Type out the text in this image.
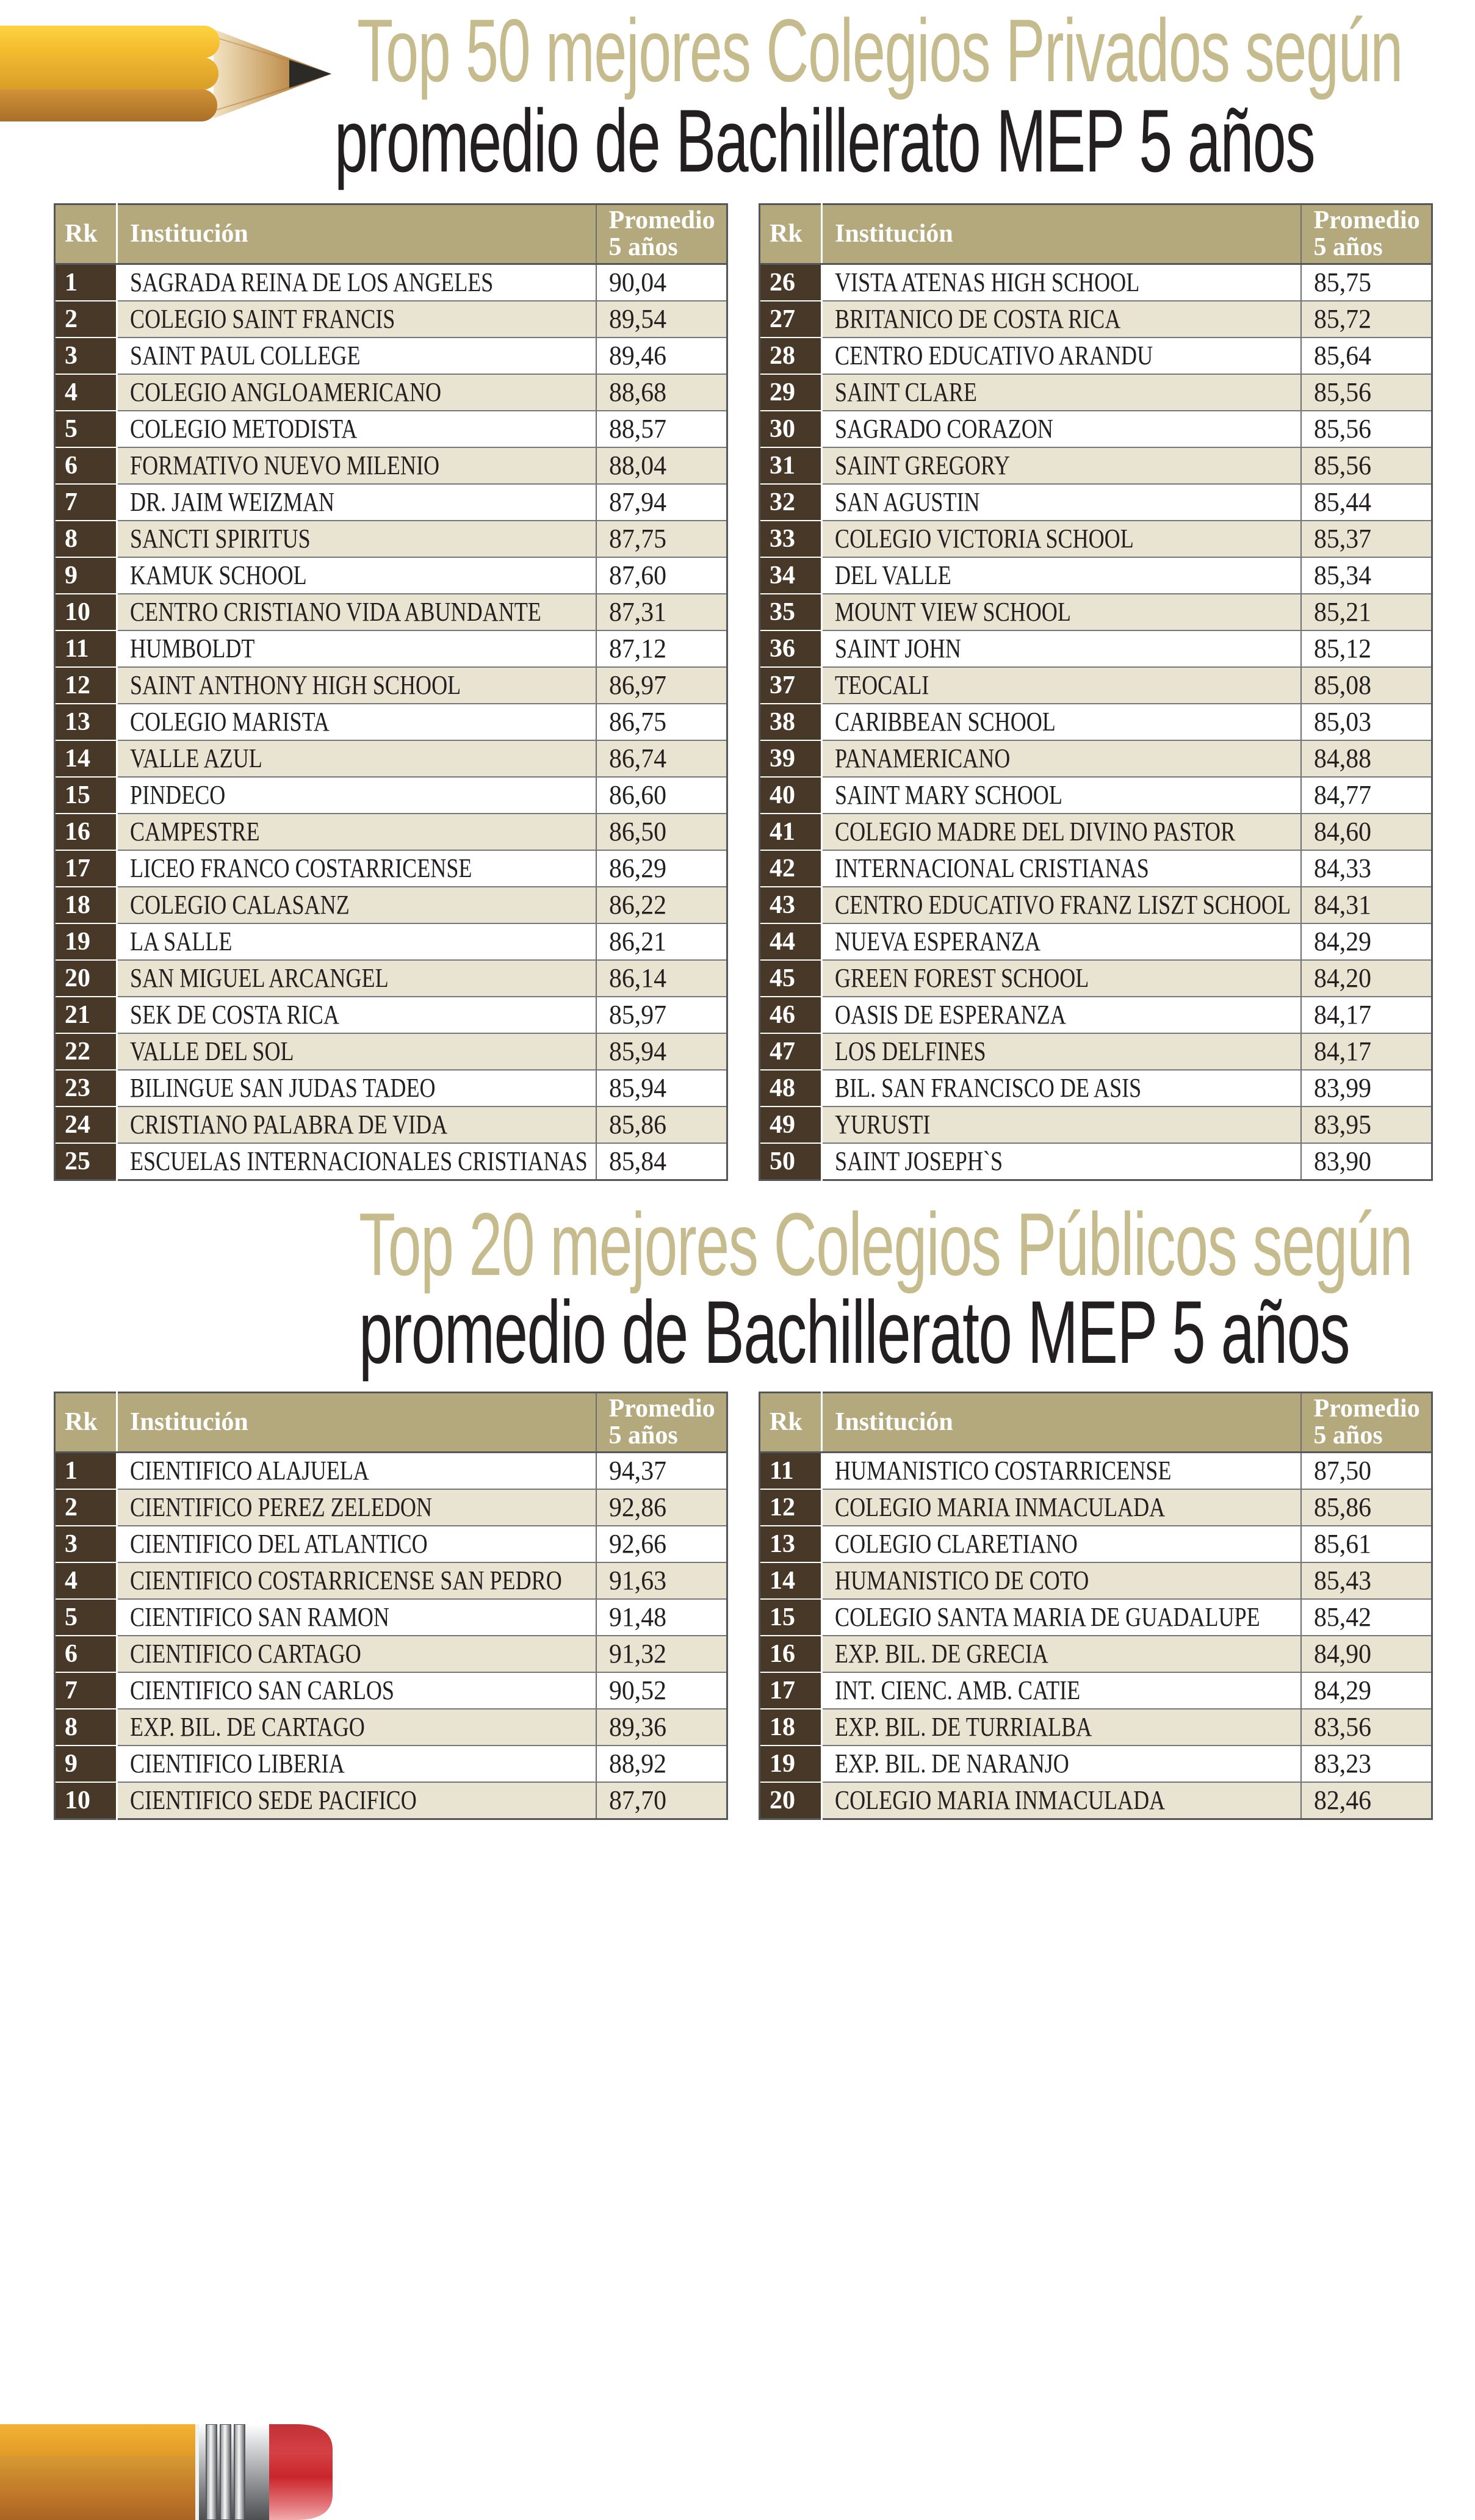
Top 50 mejores Colegios Privados según
promedio de Bachillerato MEP 5 años
Rk	Institución	Promedio
5 años

1	SAGRADA REINA DE LOS ANGELES	90,04
2	COLEGIO SAINT FRANCIS	89,54
3	SAINT PAUL COLLEGE	89,46
4	COLEGIO ANGLOAMERICANO	88,68
5	COLEGIO METODISTA	88,57
6	FORMATIVO NUEVO MILENIO	88,04
7	DR. JAIM WEIZMAN	87,94
8	SANCTI SPIRITUS	87,75
9	KAMUK SCHOOL	87,60
10	CENTRO CRISTIANO VIDA ABUNDANTE	87,31
11	HUMBOLDT	87,12
12	SAINT ANTHONY HIGH SCHOOL	86,97
13	COLEGIO MARISTA	86,75
14	VALLE AZUL	86,74
15	PINDECO	86,60
16	CAMPESTRE	86,50
17	LICEO FRANCO COSTARRICENSE	86,29
18	COLEGIO CALASANZ	86,22
19	LA SALLE	86,21
20	SAN MIGUEL ARCANGEL	86,14
21	SEK DE COSTA RICA	85,97
22	VALLE DEL SOL	85,94
23	BILINGUE SAN JUDAS TADEO	85,94
24	CRISTIANO PALABRA DE VIDA	85,86
25	ESCUELAS INTERNACIONALES CRISTIANAS	85,84
Rk	Institución	Promedio
5 años

26	VISTA ATENAS HIGH SCHOOL	85,75
27	BRITANICO DE COSTA RICA	85,72
28	CENTRO EDUCATIVO ARANDU	85,64
29	SAINT CLARE	85,56
30	SAGRADO CORAZON	85,56
31	SAINT GREGORY	85,56
32	SAN AGUSTIN	85,44
33	COLEGIO VICTORIA SCHOOL	85,37
34	DEL VALLE	85,34
35	MOUNT VIEW SCHOOL	85,21
36	SAINT JOHN	85,12
37	TEOCALI	85,08
38	CARIBBEAN SCHOOL	85,03
39	PANAMERICANO	84,88
40	SAINT MARY SCHOOL	84,77
41	COLEGIO MADRE DEL DIVINO PASTOR	84,60
42	INTERNACIONAL CRISTIANAS	84,33
43	CENTRO EDUCATIVO FRANZ LISZT SCHOOL	84,31
44	NUEVA ESPERANZA	84,29
45	GREEN FOREST SCHOOL	84,20
46	OASIS DE ESPERANZA	84,17
47	LOS DELFINES	84,17
48	BIL. SAN FRANCISCO DE ASIS	83,99
49	YURUSTI	83,95
50	SAINT JOSEPH`S	83,90
Top 20 mejores Colegios Públicos según
promedio de Bachillerato MEP 5 años
Rk	Institución	Promedio
5 años

1	CIENTIFICO ALAJUELA	94,37
2	CIENTIFICO PEREZ ZELEDON	92,86
3	CIENTIFICO DEL ATLANTICO	92,66
4	CIENTIFICO COSTARRICENSE SAN PEDRO	91,63
5	CIENTIFICO SAN RAMON	91,48
6	CIENTIFICO CARTAGO	91,32
7	CIENTIFICO SAN CARLOS	90,52
8	EXP. BIL. DE CARTAGO	89,36
9	CIENTIFICO LIBERIA	88,92
10	CIENTIFICO SEDE PACIFICO	87,70
Rk	Institución	Promedio
5 años

11	HUMANISTICO COSTARRICENSE	87,50
12	COLEGIO MARIA INMACULADA	85,86
13	COLEGIO CLARETIANO	85,61
14	HUMANISTICO DE COTO	85,43
15	COLEGIO SANTA MARIA DE GUADALUPE	85,42
16	EXP. BIL. DE GRECIA	84,90
17	INT. CIENC. AMB. CATIE	84,29
18	EXP. BIL. DE TURRIALBA	83,56
19	EXP. BIL. DE NARANJO	83,23
20	COLEGIO MARIA INMACULADA	82,46
